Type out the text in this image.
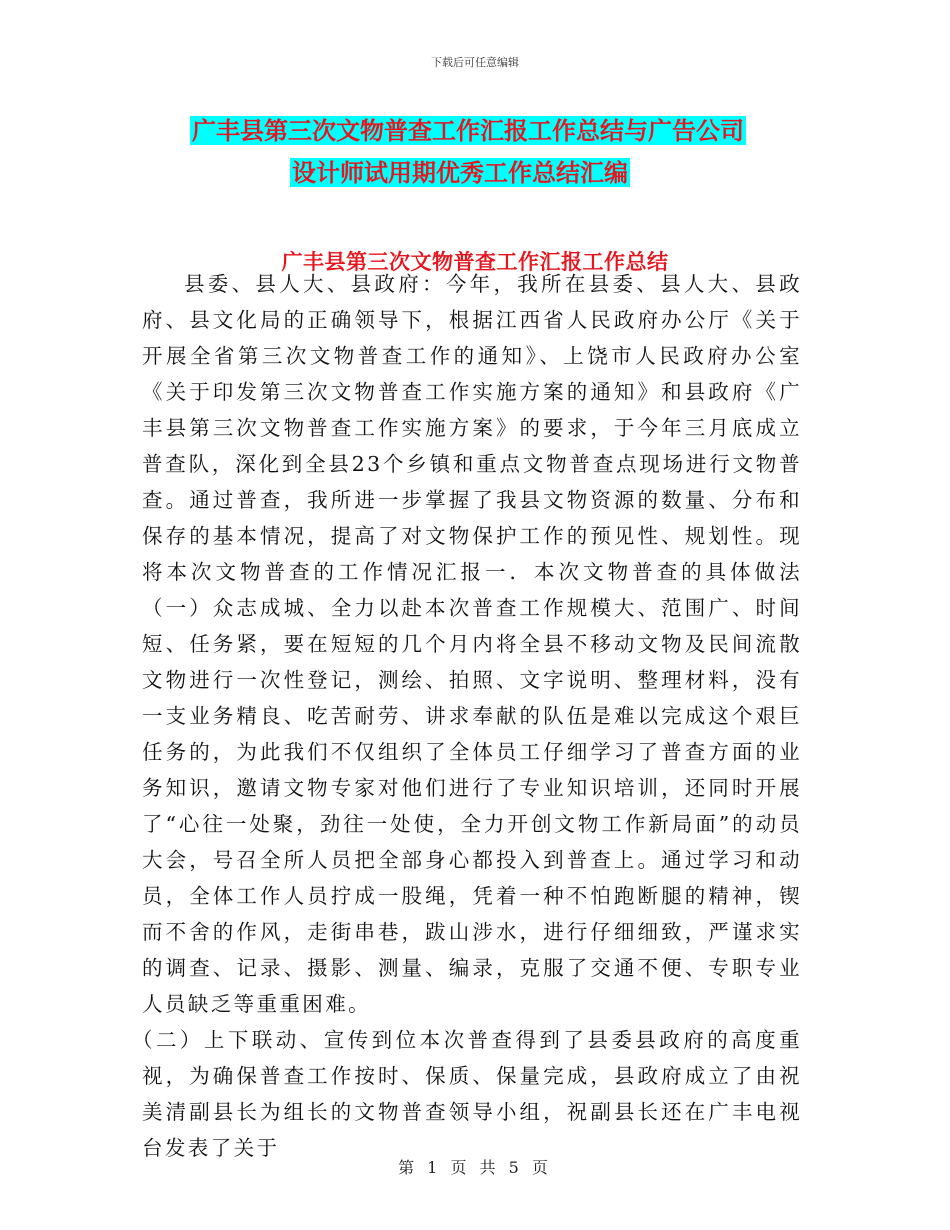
下载后可任意编辑
广丰县第三次文物普查工作汇报工作总结与广告公司
设计师试用期优秀工作总结汇编
广丰县第三次文物普查工作汇报工作总结

县委、县人大、县政府：今年，我所在县委、县人大、县政府、县文化局的正确领导下，根据江西省人民政府办公厅《关于开展全省第三次文物普查工作的通知》、上饶市人民政府办公室《关于印发第三次文物普查工作实施方案的通知》和县政府《广丰县第三次文物普查工作实施方案》的要求，于今年三月底成立普查队，深化到全县23个乡镇和重点文物普查点现场进行文物普查。通过普查，我所进一步掌握了我县文物资源的数量、分布和保存的基本情况，提高了对文物保护工作的预见性、规划性。现将本次文物普查的工作情况汇报一．本次文物普查的具体做法（一）众志成城、全力以赴本次普查工作规模大、范围广、时间短、任务紧，要在短短的几个月内将全县不移动文物及民间流散文物进行一次性登记，测绘、拍照、文字说明、整理材料，没有一支业务精良、吃苦耐劳、讲求奉献的队伍是难以完成这个艰巨任务的，为此我们不仅组织了全体员工仔细学习了普查方面的业务知识，邀请文物专家对他们进行了专业知识培训，还同时开展了“心往一处聚，劲往一处使，全力开创文物工作新局面”的动员大会，号召全所人员把全部身心都投入到普查上。通过学习和动员，全体工作人员拧成一股绳，凭着一种不怕跑断腿的精神，锲而不舍的作风，走街串巷，跋山涉水，进行仔细细致，严谨求实的调查、记录、摄影、测量、编录，克服了交通不便、专职专业人员缺乏等重重困难。

（二）上下联动、宣传到位本次普查得到了县委县政府的高度重视，为确保普查工作按时、保质、保量完成，县政府成立了由祝美清副县长为组长的文物普查领导小组，祝副县长还在广丰电视台发表了关于

第 1 页 共 5 页
